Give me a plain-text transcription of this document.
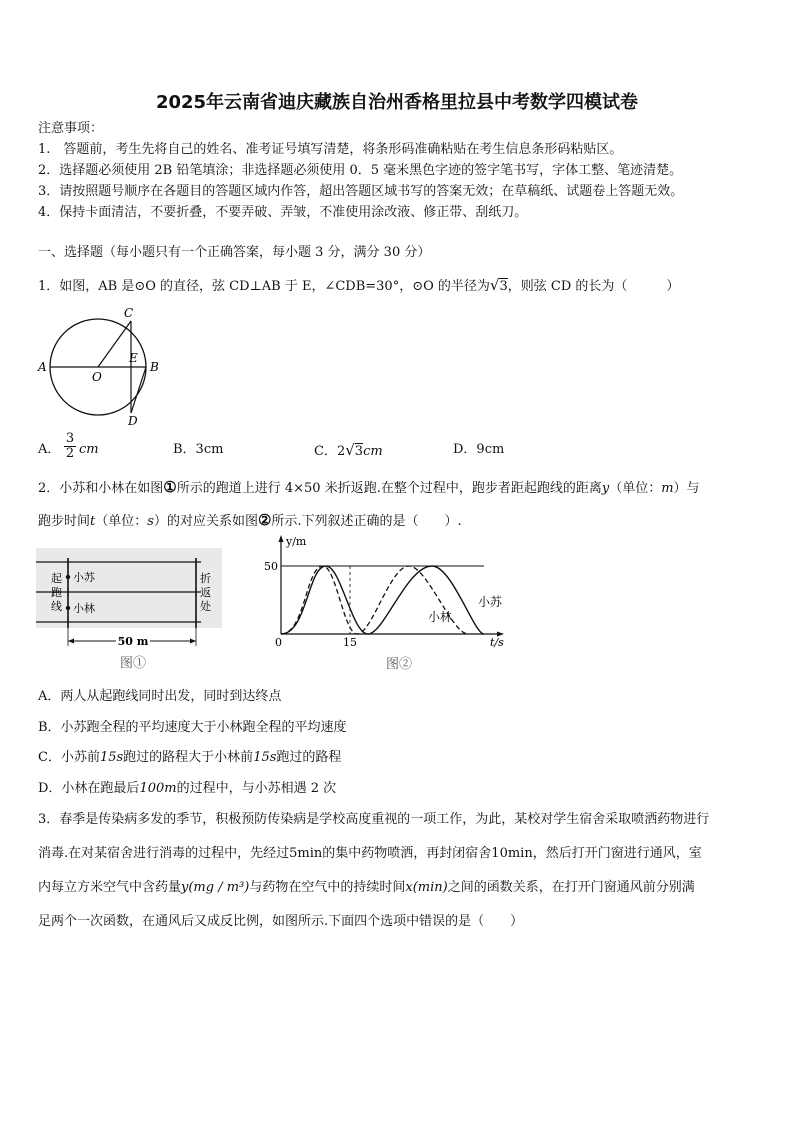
2025年云南省迪庆藏族自治州香格里拉县中考数学四模试卷
注意事项：
1.　答题前，考生先将自己的姓名、准考证号填写清楚，将条形码准确粘贴在考生信息条形码粘贴区。
2．选择题必须使用 2B 铅笔填涂；非选择题必须使用 0．5 毫米黑色字迹的签字笔书写，字体工整、笔迹清楚。
3．请按照题号顺序在各题目的答题区域内作答，超出答题区域书写的答案无效；在草稿纸、试题卷上答题无效。
4．保持卡面清洁，不要折叠，不要弄破、弄皱，不准使用涂改液、修正带、刮纸刀。
一、选择题（每小题只有一个正确答案，每小题 3 分，满分 30 分）
1．如图，AB 是⊙O 的直径，弦 CD⊥AB 于 E，∠CDB=30°，⊙O 的半径为√3，则弦 CD 的长为（　　　）
A	B
C
D
E
O
A． $\frac{3}{2}$ cm	B．3cm	C．2√3cm	D．9cm
2．小苏和小林在如图①所示的跑道上进行 4×50 米折返跑.在整个过程中，跑步者距起跑线的距离y（单位：m）与
跑步时间t（单位：s）的对应关系如图②所示.下列叙述正确的是（　　）.
起
跑
线
折
返
处
小苏
小林
50 m
图①
y/m
50
0	15	t/s
小林
小苏
图②
A．两人从起跑线同时出发，同时到达终点
B．小苏跑全程的平均速度大于小林跑全程的平均速度
C．小苏前15s跑过的路程大于小林前15s跑过的路程
D．小林在跑最后100m的过程中，与小苏相遇 2 次
3．春季是传染病多发的季节，积极预防传染病是学校高度重视的一项工作，为此，某校对学生宿舍采取喷洒药物进行
消毒.在对某宿舍进行消毒的过程中，先经过5min的集中药物喷洒，再封闭宿舍10min，然后打开门窗进行通风，室
内每立方米空气中含药量y(mg / m³)与药物在空气中的持续时间x(min)之间的函数关系，在打开门窗通风前分别满
足两个一次函数，在通风后又成反比例，如图所示.下面四个选项中错误的是（　　）
